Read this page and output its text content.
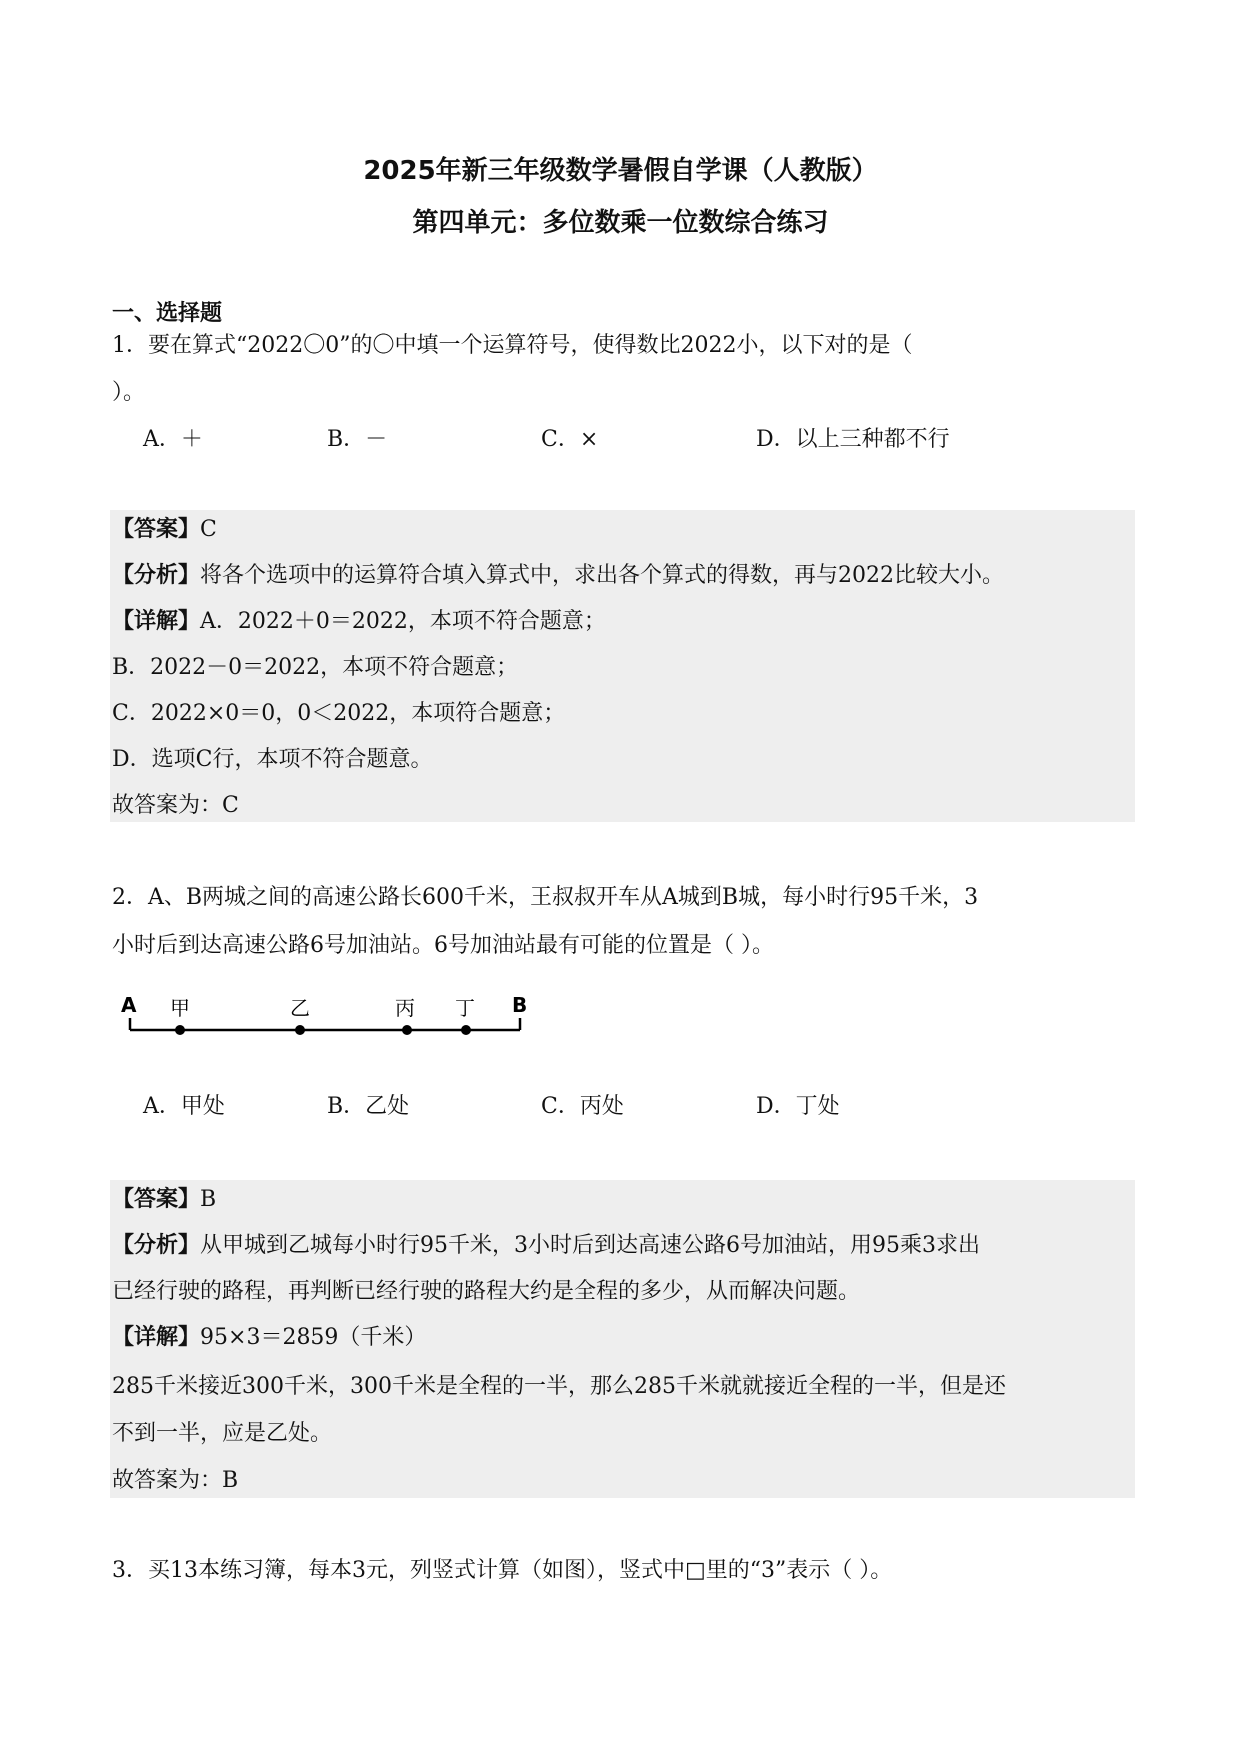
2025年新三年级数学暑假自学课（人教版）
第四单元：多位数乘一位数综合练习
一、选择题
1．要在算式“2022〇0”的〇中填一个运算符号，使得数比2022小，以下对的是（
）。
A．＋	B．－	C．×	D．以上三种都不行
【答案】C
【分析】将各个选项中的运算符合填入算式中，求出各个算式的得数，再与2022比较大小。
【详解】A．2022＋0＝2022，本项不符合题意；
B．2022－0＝2022，本项不符合题意；
C．2022×0＝0，0＜2022，本项符合题意；
D．选项C行，本项不符合题意。
故答案为：C
2．A、B两城之间的高速公路长600千米，王叔叔开车从A城到B城，每小时行95千米，3
小时后到达高速公路6号加油站。6号加油站最有可能的位置是（ ）。
A 甲	乙	丙 丁 B
A．甲处	B．乙处	C．丙处	D．丁处
【答案】B
【分析】从甲城到乙城每小时行95千米，3小时后到达高速公路6号加油站，用95乘3求出
已经行驶的路程，再判断已经行驶的路程大约是全程的多少，从而解决问题。
【详解】95×3＝2859（千米）
285千米接近300千米，300千米是全程的一半，那么285千米就就接近全程的一半，但是还
不到一半，应是乙处。
故答案为：B
3．买13本练习簿，每本3元，列竖式计算（如图），竖式中□里的“3”表示（ ）。
